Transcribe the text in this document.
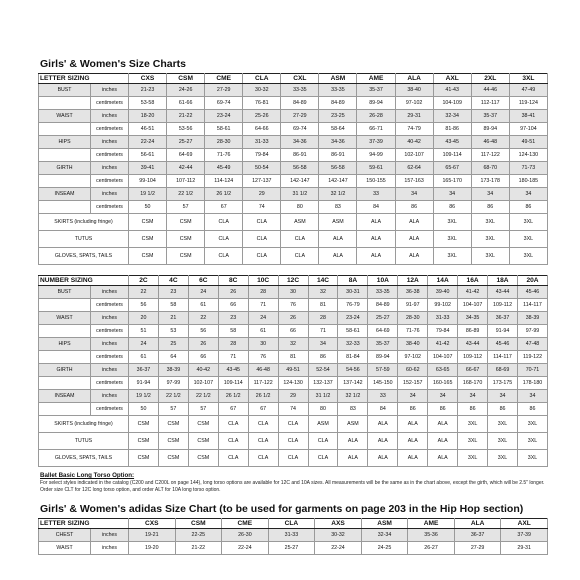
Girls' & Women's Size Charts
LETTER SIZING		CXS	CSM	CME	CLA	CXL	ASM	AME	ALA	AXL	2XL	3XL
BUST	inches	21-23	24-26	27-29	30-32	33-35	33-35	35-37	38-40	41-43	44-46	47-49
	centimeters	53-58	61-66	69-74	76-81	84-89	84-89	89-94	97-102	104-109	112-117	119-124
WAIST	inches	18-20	21-22	23-24	25-26	27-29	23-25	26-28	29-31	32-34	35-37	38-41
	centimeters	46-51	53-56	58-61	64-66	69-74	58-64	66-71	74-79	81-86	89-94	97-104
HIPS	inches	22-24	25-27	28-30	31-33	34-36	34-36	37-39	40-42	43-45	46-48	49-51
	centimeters	56-61	64-69	71-76	79-84	86-91	86-91	94-99	102-107	109-114	117-122	124-130
GIRTH	inches	39-41	42-44	45-49	50-54	56-58	56-58	59-61	62-64	65-67	68-70	71-73
	centimeters	99-104	107-112	114-124	127-137	142-147	142-147	150-155	157-163	165-170	173-178	180-185
INSEAM	inches	19 1/2	22 1/2	26 1/2	29	31 1/2	32 1/2	33	34	34	34	34
	centimeters	50	57	67	74	80	83	84	86	86	86	86
SKIRTS (including fringe)		CSM	CSM	CLA	CLA	ASM	ASM	ALA	ALA	3XL	3XL	3XL
TUTUS		CSM	CSM	CLA	CLA	CLA	ALA	ALA	ALA	3XL	3XL	3XL
GLOVES, SPATS, TAILS		CSM	CSM	CLA	CLA	CLA	ALA	ALA	ALA	3XL	3XL	3XL
NUMBER SIZING		2C	4C	6C	8C	10C	12C	14C	8A	10A	12A	14A	16A	18A	20A
BUST	inches	22	23	24	26	28	30	32	30-31	33-35	36-38	39-40	41-42	43-44	45-46
	centimeters	56	58	61	66	71	76	81	76-79	84-89	91-97	99-102	104-107	109-112	114-117
WAIST	inches	20	21	22	23	24	26	28	23-24	25-27	28-30	31-33	34-35	36-37	38-39
	centimeters	51	53	56	58	61	66	71	58-61	64-69	71-76	79-84	86-89	91-94	97-99
HIPS	inches	24	25	26	28	30	32	34	32-33	35-37	38-40	41-42	43-44	45-46	47-48
	centimeters	61	64	66	71	76	81	86	81-84	89-94	97-102	104-107	109-112	114-117	119-122
GIRTH	inches	36-37	38-39	40-42	43-45	46-48	49-51	52-54	54-56	57-59	60-62	63-65	66-67	68-69	70-71
	centimeters	91-94	97-99	102-107	109-114	117-122	124-130	132-137	137-142	145-150	152-157	160-165	168-170	173-175	178-180
INSEAM	inches	19 1/2	22 1/2	22 1/2	26 1/2	26 1/2	29	31 1/2	32 1/2	33	34	34	34	34	34
	centimeters	50	57	57	67	67	74	80	83	84	86	86	86	86	86
SKIRTS (including fringe)		CSM	CSM	CSM	CLA	CLA	CLA	ASM	ASM	ALA	ALA	ALA	3XL	3XL	3XL
TUTUS		CSM	CSM	CSM	CLA	CLA	CLA	CLA	ALA	ALA	ALA	ALA	3XL	3XL	3XL
GLOVES, SPATS, TAILS		CSM	CSM	CSM	CLA	CLA	CLA	CLA	ALA	ALA	ALA	ALA	3XL	3XL	3XL
Ballet Basic Long Torso Option:
For select styles indicated in the catalog (C200 and C200L on page 144), long torso options are available for 12C and 10A sizes. All measurements will be the same as in the chart above, except the girth, which will be 2.5" longer. Order size CLT for 12C long torso option, and order ALT for 10A long torso option.
Girls' & Women's adidas Size Chart (to be used for garments on page 203 in the Hip Hop section)
LETTER SIZING		CXS	CSM	CME	CLA	AXS	ASM	AME	ALA	AXL
CHEST	inches	19-21	22-25	26-30	31-33	30-32	32-34	35-36	36-37	37-39
WAIST	inches	19-20	21-22	22-24	25-27	22-24	24-25	26-27	27-29	29-31
